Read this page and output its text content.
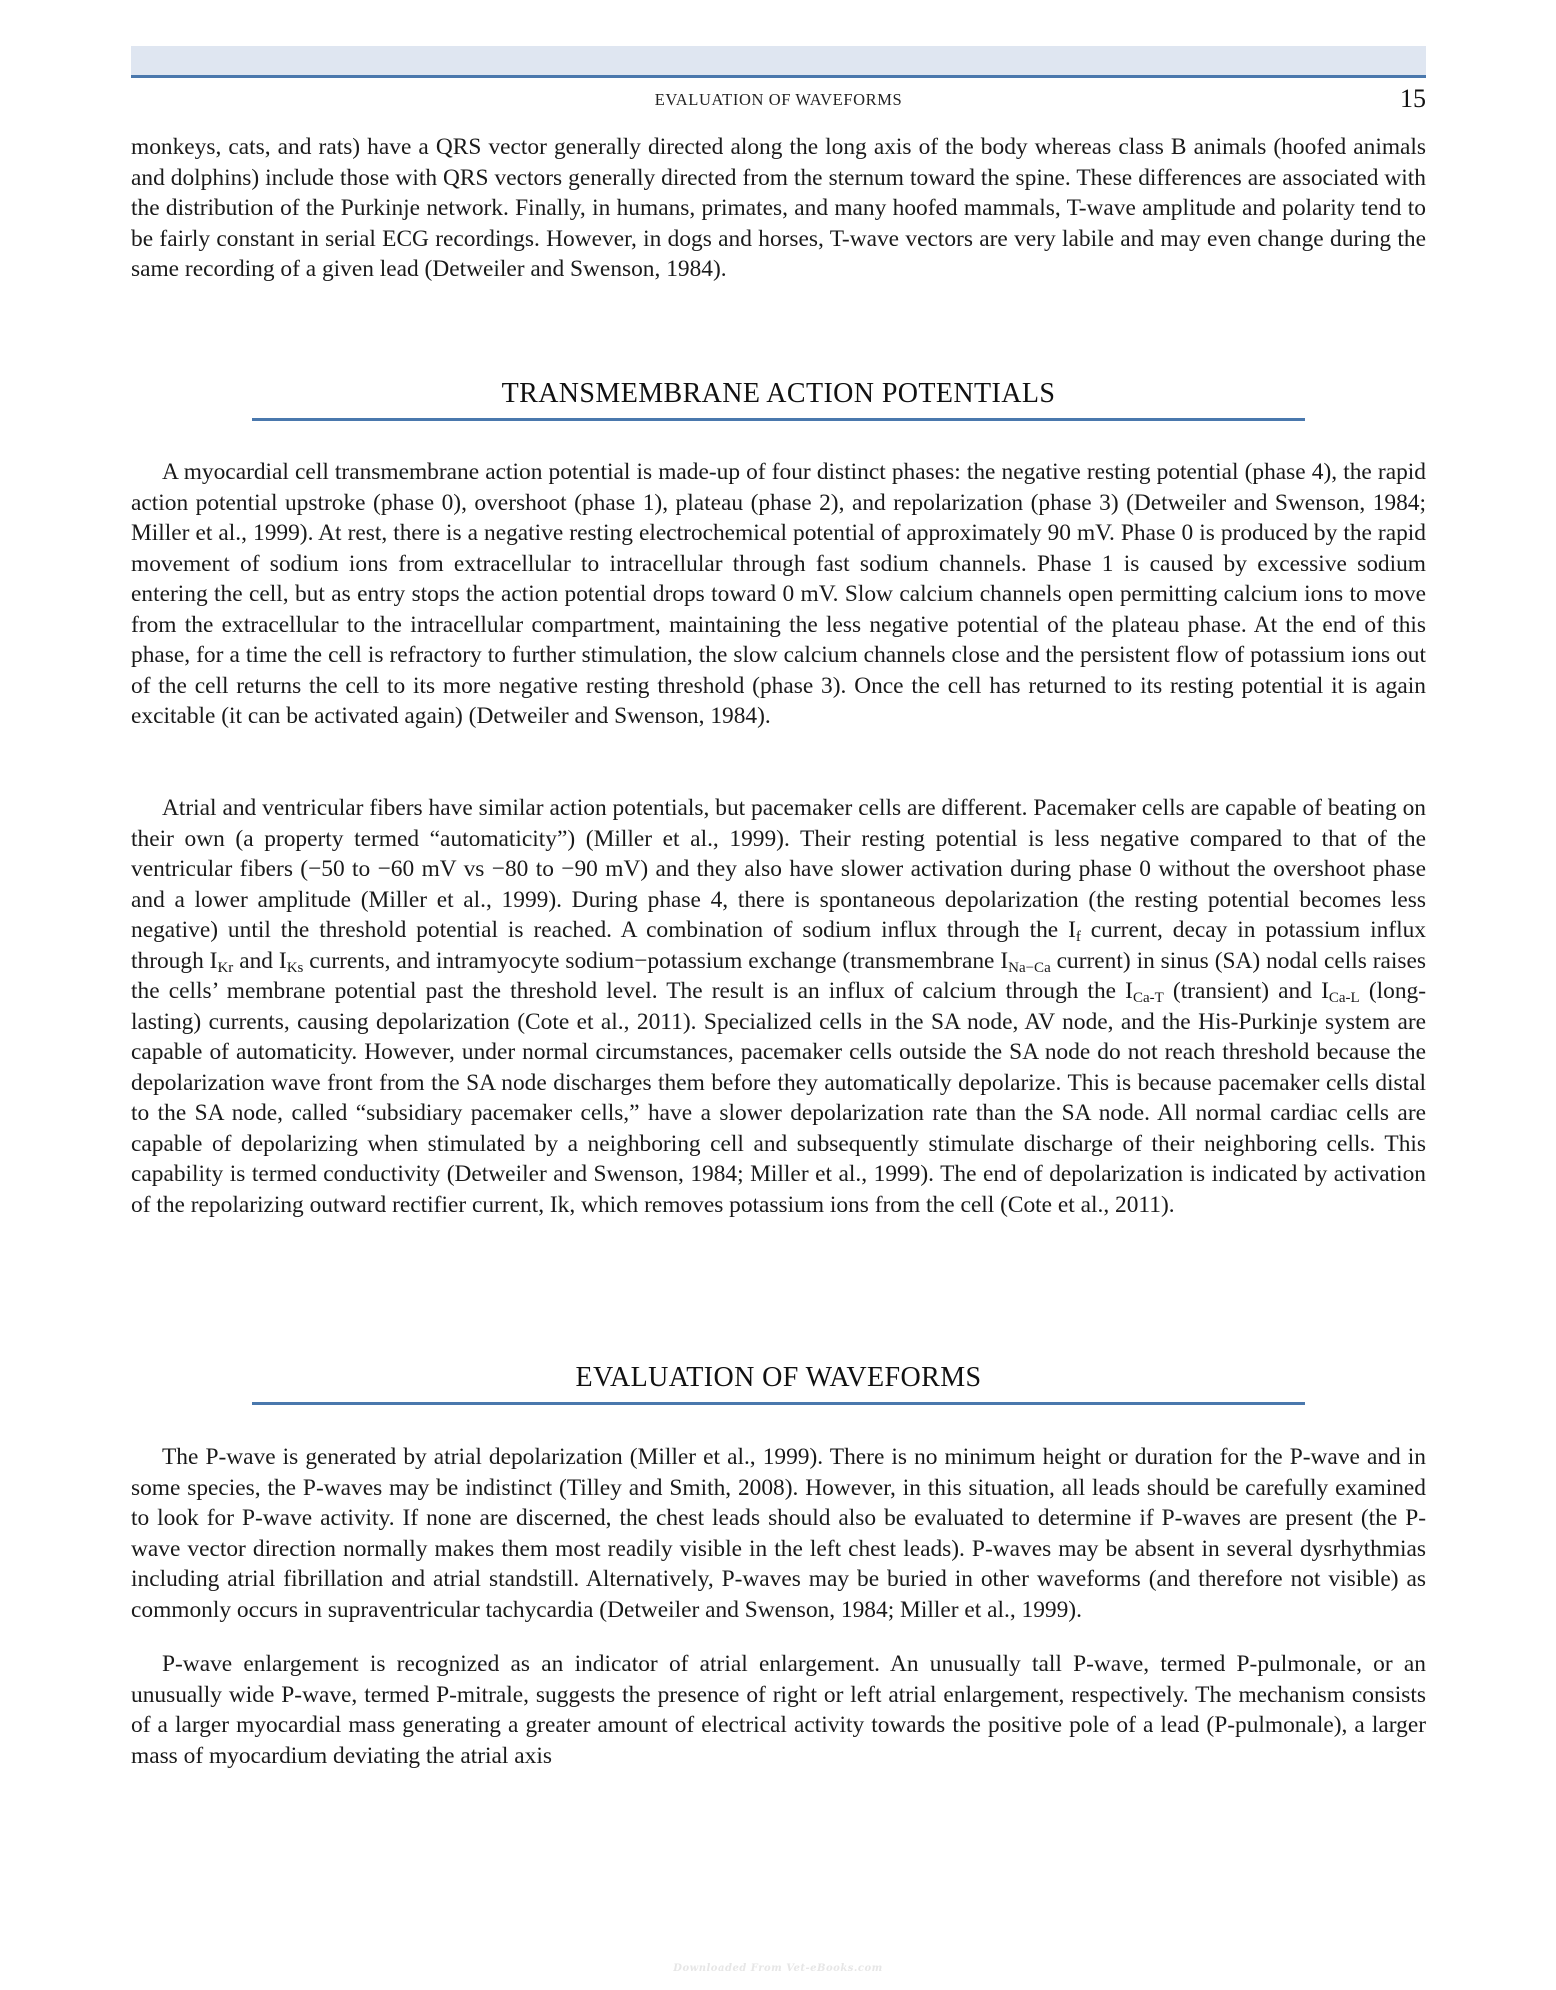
EVALUATION OF WAVEFORMS	15

monkeys, cats, and rats) have a QRS vector generally directed along the long axis of the body whereas class B animals (hoofed animals and dolphins) include those with QRS vectors generally directed from the sternum toward the spine. These differences are associated with the distribution of the Purkinje network. Finally, in humans, primates, and many hoofed mammals, T-wave amplitude and polarity tend to be fairly constant in serial ECG recordings. However, in dogs and horses, T-wave vectors are very labile and may even change during the same recording of a given lead (Detweiler and Swenson, 1984).

TRANSMEMBRANE ACTION POTENTIALS

A myocardial cell transmembrane action potential is made-up of four distinct phases: the negative resting potential (phase 4), the rapid action potential upstroke (phase 0), overshoot (phase 1), plateau (phase 2), and repolarization (phase 3) (Detweiler and Swenson, 1984; Miller et al., 1999). At rest, there is a negative resting electrochemical potential of approximately 90 mV. Phase 0 is produced by the rapid movement of sodium ions from extracellular to intracellular through fast sodium channels. Phase 1 is caused by excessive sodium entering the cell, but as entry stops the action potential drops toward 0 mV. Slow calcium channels open permitting calcium ions to move from the extracellular to the intracellular compartment, maintaining the less negative potential of the plateau phase. At the end of this phase, for a time the cell is refractory to further stimulation, the slow calcium channels close and the persistent flow of potassium ions out of the cell returns the cell to its more negative resting threshold (phase 3). Once the cell has returned to its resting potential it is again excitable (it can be activated again) (Detweiler and Swenson, 1984).

Atrial and ventricular fibers have similar action potentials, but pacemaker cells are different. Pacemaker cells are capable of beating on their own (a property termed “automaticity”) (Miller et al., 1999). Their resting potential is less negative compared to that of the ventricular fibers (−50 to −60 mV vs −80 to −90 mV) and they also have slower activation during phase 0 without the overshoot phase and a lower amplitude (Miller et al., 1999). During phase 4, there is spontaneous depolarization (the resting potential becomes less negative) until the threshold potential is reached. A combination of sodium influx through the $I_f$ current, decay in potassium influx through $I_{Kr}$ and $I_{Ks}$ currents, and intramyocyte sodium−potassium exchange (transmembrane $I_{Na-Ca}$ current) in sinus (SA) nodal cells raises the cells’ membrane potential past the threshold level. The result is an influx of calcium through the $I_{Ca-T}$ (transient) and $I_{Ca-L}$ (long-lasting) currents, causing depolarization (Cote et al., 2011). Specialized cells in the SA node, AV node, and the His-Purkinje system are capable of automaticity. However, under normal circumstances, pacemaker cells outside the SA node do not reach threshold because the depolarization wave front from the SA node discharges them before they automatically depolarize. This is because pacemaker cells distal to the SA node, called “subsidiary pacemaker cells,” have a slower depolarization rate than the SA node. All normal cardiac cells are capable of depolarizing when stimulated by a neighboring cell and subsequently stimulate discharge of their neighboring cells. This capability is termed conductivity (Detweiler and Swenson, 1984; Miller et al., 1999). The end of depolarization is indicated by activation of the repolarizing outward rectifier current, Ik, which removes potassium ions from the cell (Cote et al., 2011).

EVALUATION OF WAVEFORMS

The P-wave is generated by atrial depolarization (Miller et al., 1999). There is no minimum height or duration for the P-wave and in some species, the P-waves may be indistinct (Tilley and Smith, 2008). However, in this situation, all leads should be carefully examined to look for P-wave activity. If none are discerned, the chest leads should also be evaluated to determine if P-waves are present (the P-wave vector direction normally makes them most readily visible in the left chest leads). P-waves may be absent in several dysrhythmias including atrial fibrillation and atrial standstill. Alternatively, P-waves may be buried in other waveforms (and therefore not visible) as commonly occurs in supraventricular tachycardia (Detweiler and Swenson, 1984; Miller et al., 1999).

P-wave enlargement is recognized as an indicator of atrial enlargement. An unusually tall P-wave, termed P-pulmonale, or an unusually wide P-wave, termed P-mitrale, suggests the presence of right or left atrial enlargement, respectively. The mechanism consists of a larger myocardial mass generating a greater amount of electrical activity towards the positive pole of a lead (P-pulmonale), a larger mass of myocardium deviating the atrial axis

Downloaded From Vet-eBooks.com
